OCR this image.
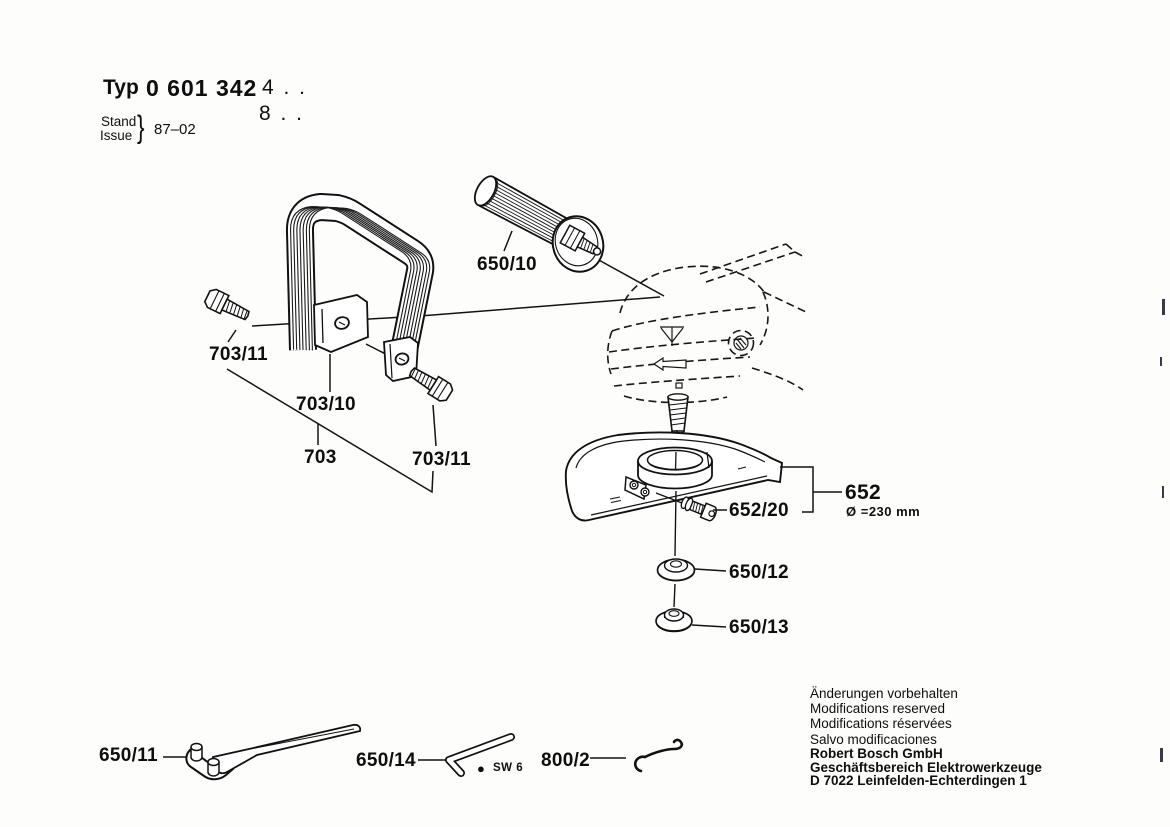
Typ 0 601 342 4 . .
8 . .
Stand
Issue } 87–02
650/10
703/11
703/10
703	703/11
652
Ø =230 mm
652/20
650/12
650/13
650/11	650/14	● SW 6 800/2
Änderungen vorbehalten
Modifications reserved
Modifications réservées
Salvo modificaciones
Robert Bosch GmbH
Geschäftsbereich Elektrowerkzeuge
D 7022 Leinfelden-Echterdingen 1
